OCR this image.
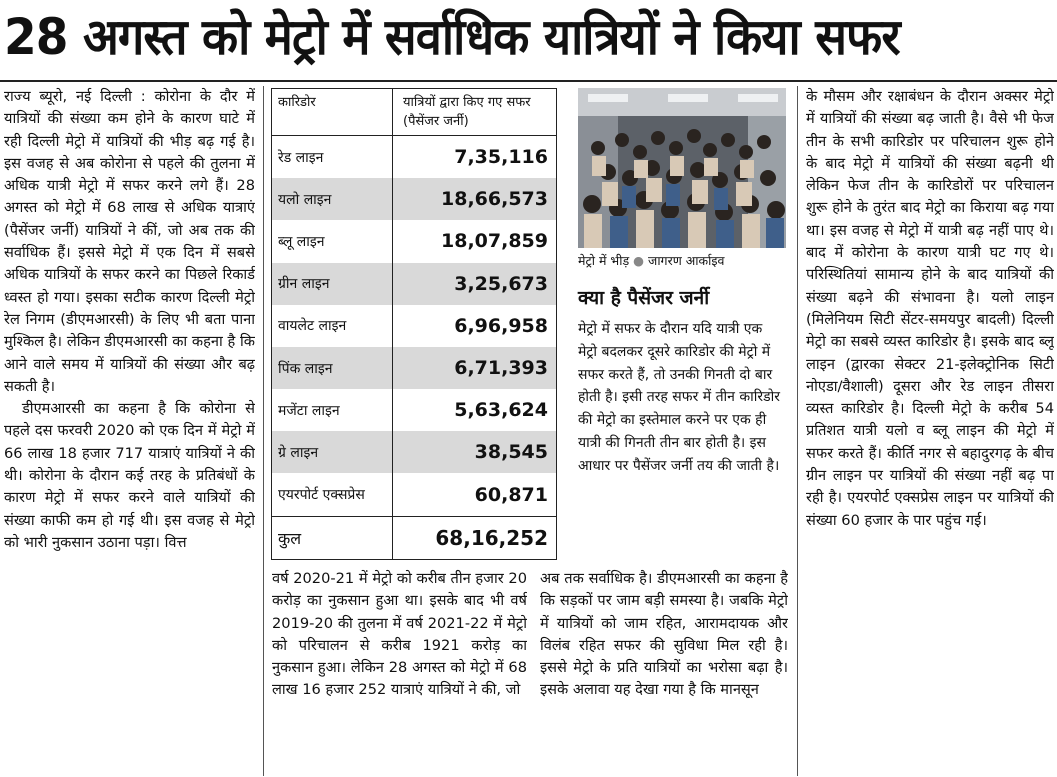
28 अगस्त को मेट्रो में सर्वाधिक यात्रियों ने किया सफर

राज्य ब्यूरो, नई दिल्ली : कोरोना के दौर में यात्रियों की संख्या कम होने के कारण घाटे में रही दिल्ली मेट्रो में यात्रियों की भीड़ बढ़ गई है। इस वजह से अब कोरोना से पहले की तुलना में अधिक यात्री मेट्रो में सफर करने लगे हैं। 28 अगस्त को मेट्रो में 68 लाख से अधिक यात्राएं (पैसेंजर जर्नी) यात्रियों ने कीं, जो अब तक की सर्वाधिक हैं। इससे मेट्रो में एक दिन में सबसे अधिक यात्रियों के सफर करने का पिछले रिकार्ड ध्वस्त हो गया। इसका सटीक कारण दिल्ली मेट्रो रेल निगम (डीएमआरसी) के लिए भी बता पाना मुश्किल है। लेकिन डीएमआरसी का कहना है कि आने वाले समय में यात्रियों की संख्या और बढ़ सकती है।

डीएमआरसी का कहना है कि कोरोना से पहले दस फरवरी 2020 को एक दिन में मेट्रो में 66 लाख 18 हजार 717 यात्राएं यात्रियों ने की थी। कोरोना के दौरान कई तरह के प्रतिबंधों के कारण मेट्रो में सफर करने वाले यात्रियों की संख्या काफी कम हो गई थी। इस वजह से मेट्रो को भारी नुकसान उठाना पड़ा। वित्त

कारिडोर	यात्रियों द्वारा किए गए सफर (पैसेंजर जर्नी)
रेड लाइन	7,35,116
यलो लाइन	18,66,573
ब्लू लाइन	18,07,859
ग्रीन लाइन	3,25,673
वायलेट लाइन	6,96,958
पिंक लाइन	6,71,393
मजेंटा लाइन	5,63,624
ग्रे लाइन	38,545
एयरपोर्ट एक्सप्रेस	60,871
कुल	68,16,252

वर्ष 2020-21 में मेट्रो को करीब तीन हजार 20 करोड़ का नुकसान हुआ था। इसके बाद भी वर्ष 2019-20 की तुलना में वर्ष 2021-22 में मेट्रो को परिचालन से करीब 1921 करोड़ का नुकसान हुआ। लेकिन 28 अगस्त को मेट्रो में 68 लाख 16 हजार 252 यात्राएं यात्रियों ने की, जो

अब तक सर्वाधिक है। डीएमआरसी का कहना है कि सड़कों पर जाम बड़ी समस्या है। जबकि मेट्रो में यात्रियों को जाम रहित, आरामदायक और विलंब रहित सफर की सुविधा मिल रही है। इससे मेट्रो के प्रति यात्रियों का भरोसा बढ़ा है। इसके अलावा यह देखा गया है कि मानसून

मेट्रो में भीड़ ● जागरण आर्काइव
क्या है पैसेंजर जर्नी
मेट्रो में सफर के दौरान यदि यात्री एक मेट्रो बदलकर दूसरे कारिडोर की मेट्रो में सफर करते हैं, तो उनकी गिनती दो बार होती है। इसी तरह सफर में तीन कारिडोर की मेट्रो का इस्तेमाल करने पर एक ही यात्री की गिनती तीन बार होती है। इस आधार पर पैसेंजर जर्नी तय की जाती है।

के मौसम और रक्षाबंधन के दौरान अक्सर मेट्रो में यात्रियों की संख्या बढ़ जाती है। वैसे भी फेज तीन के सभी कारिडोर पर परिचालन शुरू होने के बाद मेट्रो में यात्रियों की संख्या बढ़नी थी लेकिन फेज तीन के कारिडोरों पर परिचालन शुरू होने के तुरंत बाद मेट्रो का किराया बढ़ गया था। इस वजह से मेट्रो में यात्री बढ़ नहीं पाए थे। बाद में कोरोना के कारण यात्री घट गए थे। परिस्थितियां सामान्य होने के बाद यात्रियों की संख्या बढ़ने की संभावना है। यलो लाइन (मिलेनियम सिटी सेंटर-समयपुर बादली) दिल्ली मेट्रो का सबसे व्यस्त कारिडोर है। इसके बाद ब्लू लाइन (द्वारका सेक्टर 21-इलेक्ट्रोनिक सिटी नोएडा/वैशाली) दूसरा और रेड लाइन तीसरा व्यस्त कारिडोर है। दिल्ली मेट्रो के करीब 54 प्रतिशत यात्री यलो व ब्लू लाइन की मेट्रो में सफर करते हैं। कीर्ति नगर से बहादुरगढ़ के बीच ग्रीन लाइन पर यात्रियों की संख्या नहीं बढ़ पा रही है। एयरपोर्ट एक्सप्रेस लाइन पर यात्रियों की संख्या 60 हजार के पार पहुंच गई।
